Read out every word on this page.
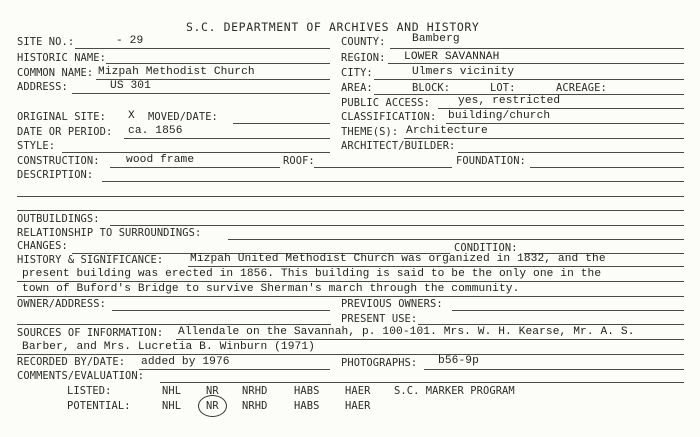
S.C. DEPARTMENT OF ARCHIVES AND HISTORY
SITE NO.:	- 29	COUNTY: Bamberg
HISTORIC NAME:	REGION: LOWER SAVANNAH
COMMON NAME: Mizpah Methodist Church	CITY:	Ulmers vicinity
ADDRESS:	US 301	AREA:	BLOCK:	LOT:	ACREAGE:
PUBLIC ACCESS:	yes, restricted
ORIGINAL SITE: X MOVED/DATE:	CLASSIFICATION: building/church
DATE OR PERIOD: ca. 1856	THEME(S): Architecture
STYLE:	ARCHITECT/BUILDER:
CONSTRUCTION: wood frame	ROOF:	FOUNDATION:
DESCRIPTION:
OUTBUILDINGS:
RELATIONSHIP TO SURROUNDINGS:
CHANGES:	CONDITION:
HISTORY & SIGNIFICANCE: Mizpah United Methodist Church was organized in 1832, and the
present building was erected in 1856. This building is said to be the only one in the
town of Buford's Bridge to survive Sherman's march through the community.
OWNER/ADDRESS:	PREVIOUS OWNERS:
PRESENT USE:
SOURCES OF INFORMATION: Allendale on the Savannah, p. 100-101. Mrs. W. H. Kearse, Mr. A. S.
Barber, and Mrs. Lucretia B. Winburn (1971)
RECORDED BY/DATE: added by 1976	PHOTOGRAPHS: b56-9p
COMMENTS/EVALUATION:
LISTED:	NHL NR NRHD	HABS HAER S.C. MARKER PROGRAM
POTENTIAL:	NHL NR NRHD	HABS HAER
